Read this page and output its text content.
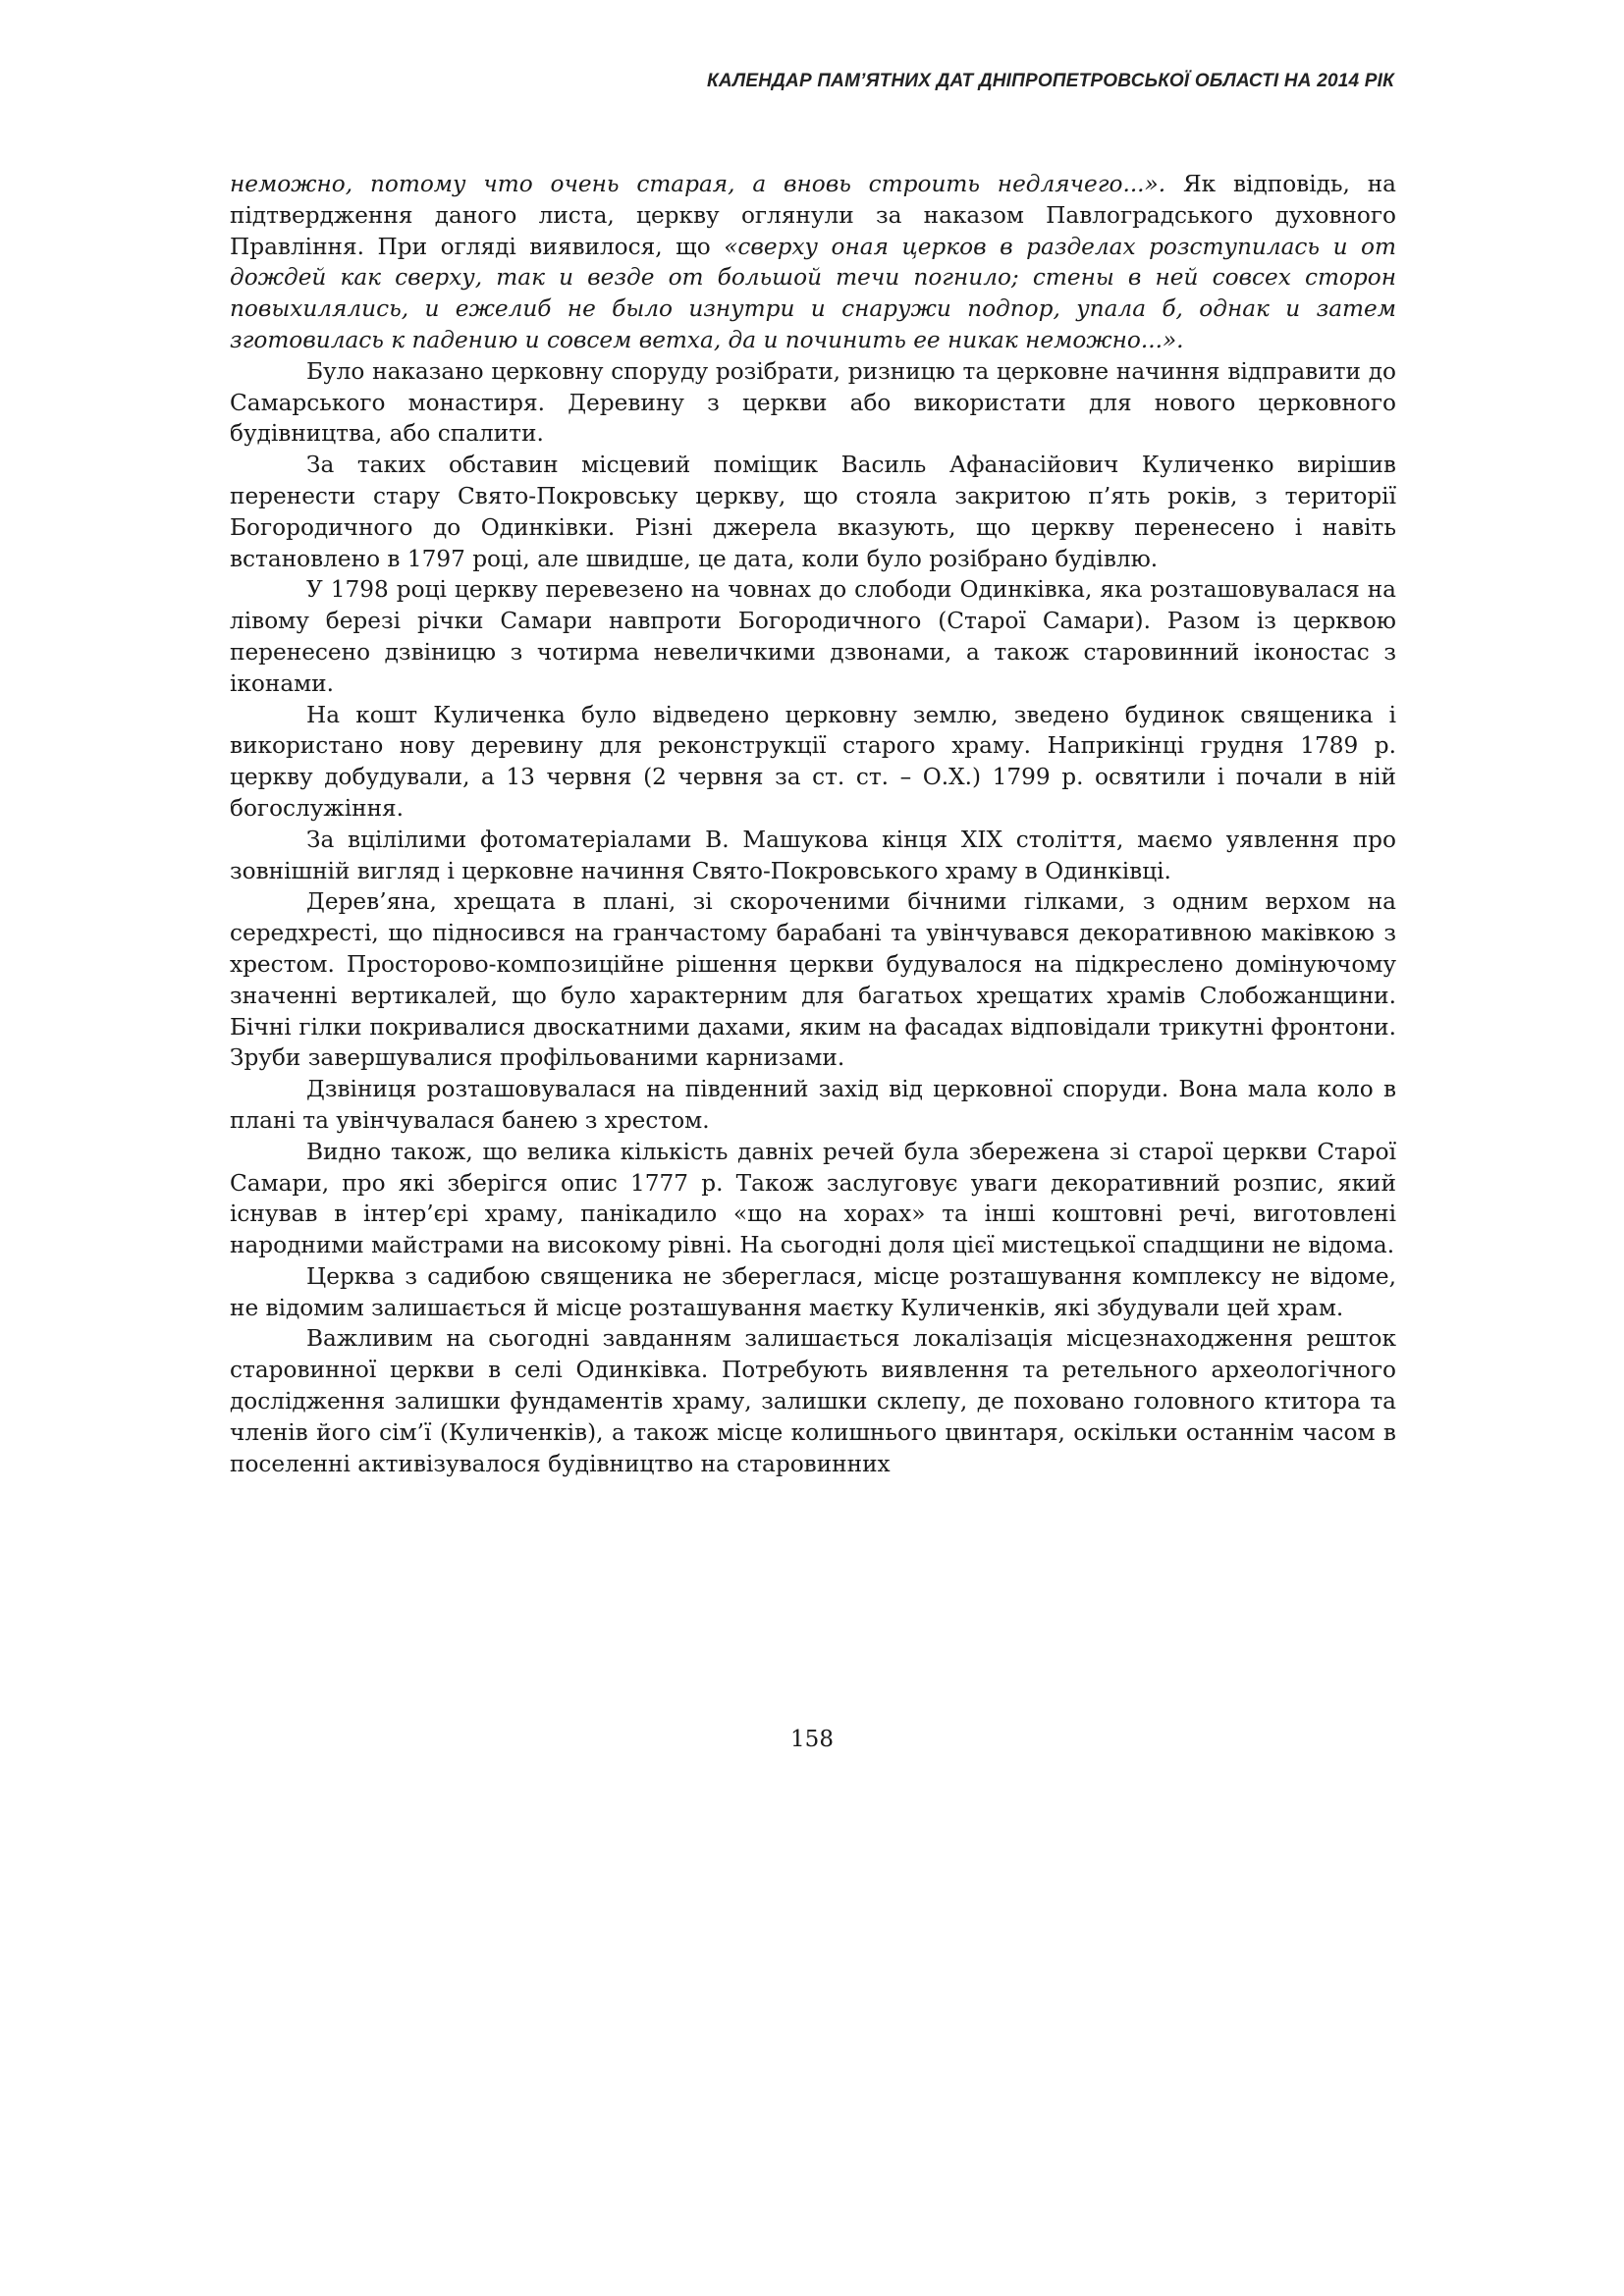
КАЛЕНДАР ПАМ’ЯТНИХ ДАТ ДНІПРОПЕТРОВСЬКОЇ ОБЛАСТІ НА 2014 РІК

неможно, потому что очень старая, а вновь строить недлячего...». Як відповідь, на підтвердження даного листа, церкву оглянули за наказом Павлоградського духовного Правління. При огляді виявилося, що «сверху оная церков в разделах розступилась и от дождей как сверху, так и везде от большой течи погнило; стены в ней совсех сторон повыхилялись, и ежелиб не было изнутри и снаружи подпор, упала б, однак и затем зготовилась к падению и совсем ветха, да и починить ее никак неможно...».

Було наказано церковну споруду розібрати, ризницю та церковне начиння відправити до Самарського монастиря. Деревину з церкви або використати для нового церковного будівництва, або спалити.

За таких обставин місцевий поміщик Василь Афанасійович Куличенко вирішив перенести стару Свято-Покровську церкву, що стояла закритою п’ять років, з території Богородичного до Одинківки. Різні джерела вказують, що церкву перенесено і навіть встановлено в 1797 році, але швидше, це дата, коли було розібрано будівлю.

У 1798 році церкву перевезено на човнах до слободи Одинківка, яка розташовувалася на лівому березі річки Самари навпроти Богородичного (Старої Самари). Разом із церквою перенесено дзвіницю з чотирма невеличкими дзвонами, а також старовинний іконостас з іконами.

На кошт Куличенка було відведено церковну землю, зведено будинок священика і використано нову деревину для реконструкції старого храму. Наприкінці грудня 1789 р. церкву добудували, а 13 червня (2 червня за ст. ст. – О.Х.) 1799 р. освятили і почали в ній богослужіння.

За вцілілими фотоматеріалами В. Машукова кінця ХІХ століття, маємо уявлення про зовнішній вигляд і церковне начиння Свято-Покровського храму в Одинківці.

Дерев’яна, хрещата в плані, зі скороченими бічними гілками, з одним верхом на середхресті, що підносився на гранчастому барабані та увінчувався декоративною маківкою з хрестом. Просторово-композиційне рішення церкви будувалося на підкреслено домінуючому значенні вертикалей, що було характерним для багатьох хрещатих храмів Слобожанщини. Бічні гілки покривалися двоскатними дахами, яким на фасадах відповідали трикутні фронтони. Зруби завершувалися профільованими карнизами.

Дзвіниця розташовувалася на південний захід від церковної споруди. Вона мала коло в плані та увінчувалася банею з хрестом.

Видно також, що велика кількість давніх речей була збережена зі старої церкви Старої Самари, про які зберігся опис 1777 р. Також заслуговує уваги декоративний розпис, який існував в інтер’єрі храму, панікадило «що на хорах» та інші коштовні речі, виготовлені народними майстрами на високому рівні. На сьогодні доля цієї мистецької спадщини не відома.

Церква з садибою священика не збереглася, місце розташування комплексу не відоме, не відомим залишається й місце розташування маєтку Куличенків, які збудували цей храм.

Важливим на сьогодні завданням залишається локалізація місцезнаходження решток старовинної церкви в селі Одинківка. Потребують виявлення та ретельного археологічного дослідження залишки фундаментів храму, залишки склепу, де поховано головного ктитора та членів його сім’ї (Куличенків), а також місце колишнього цвинтаря, оскільки останнім часом в поселенні активізувалося будівництво на старовинних

158
